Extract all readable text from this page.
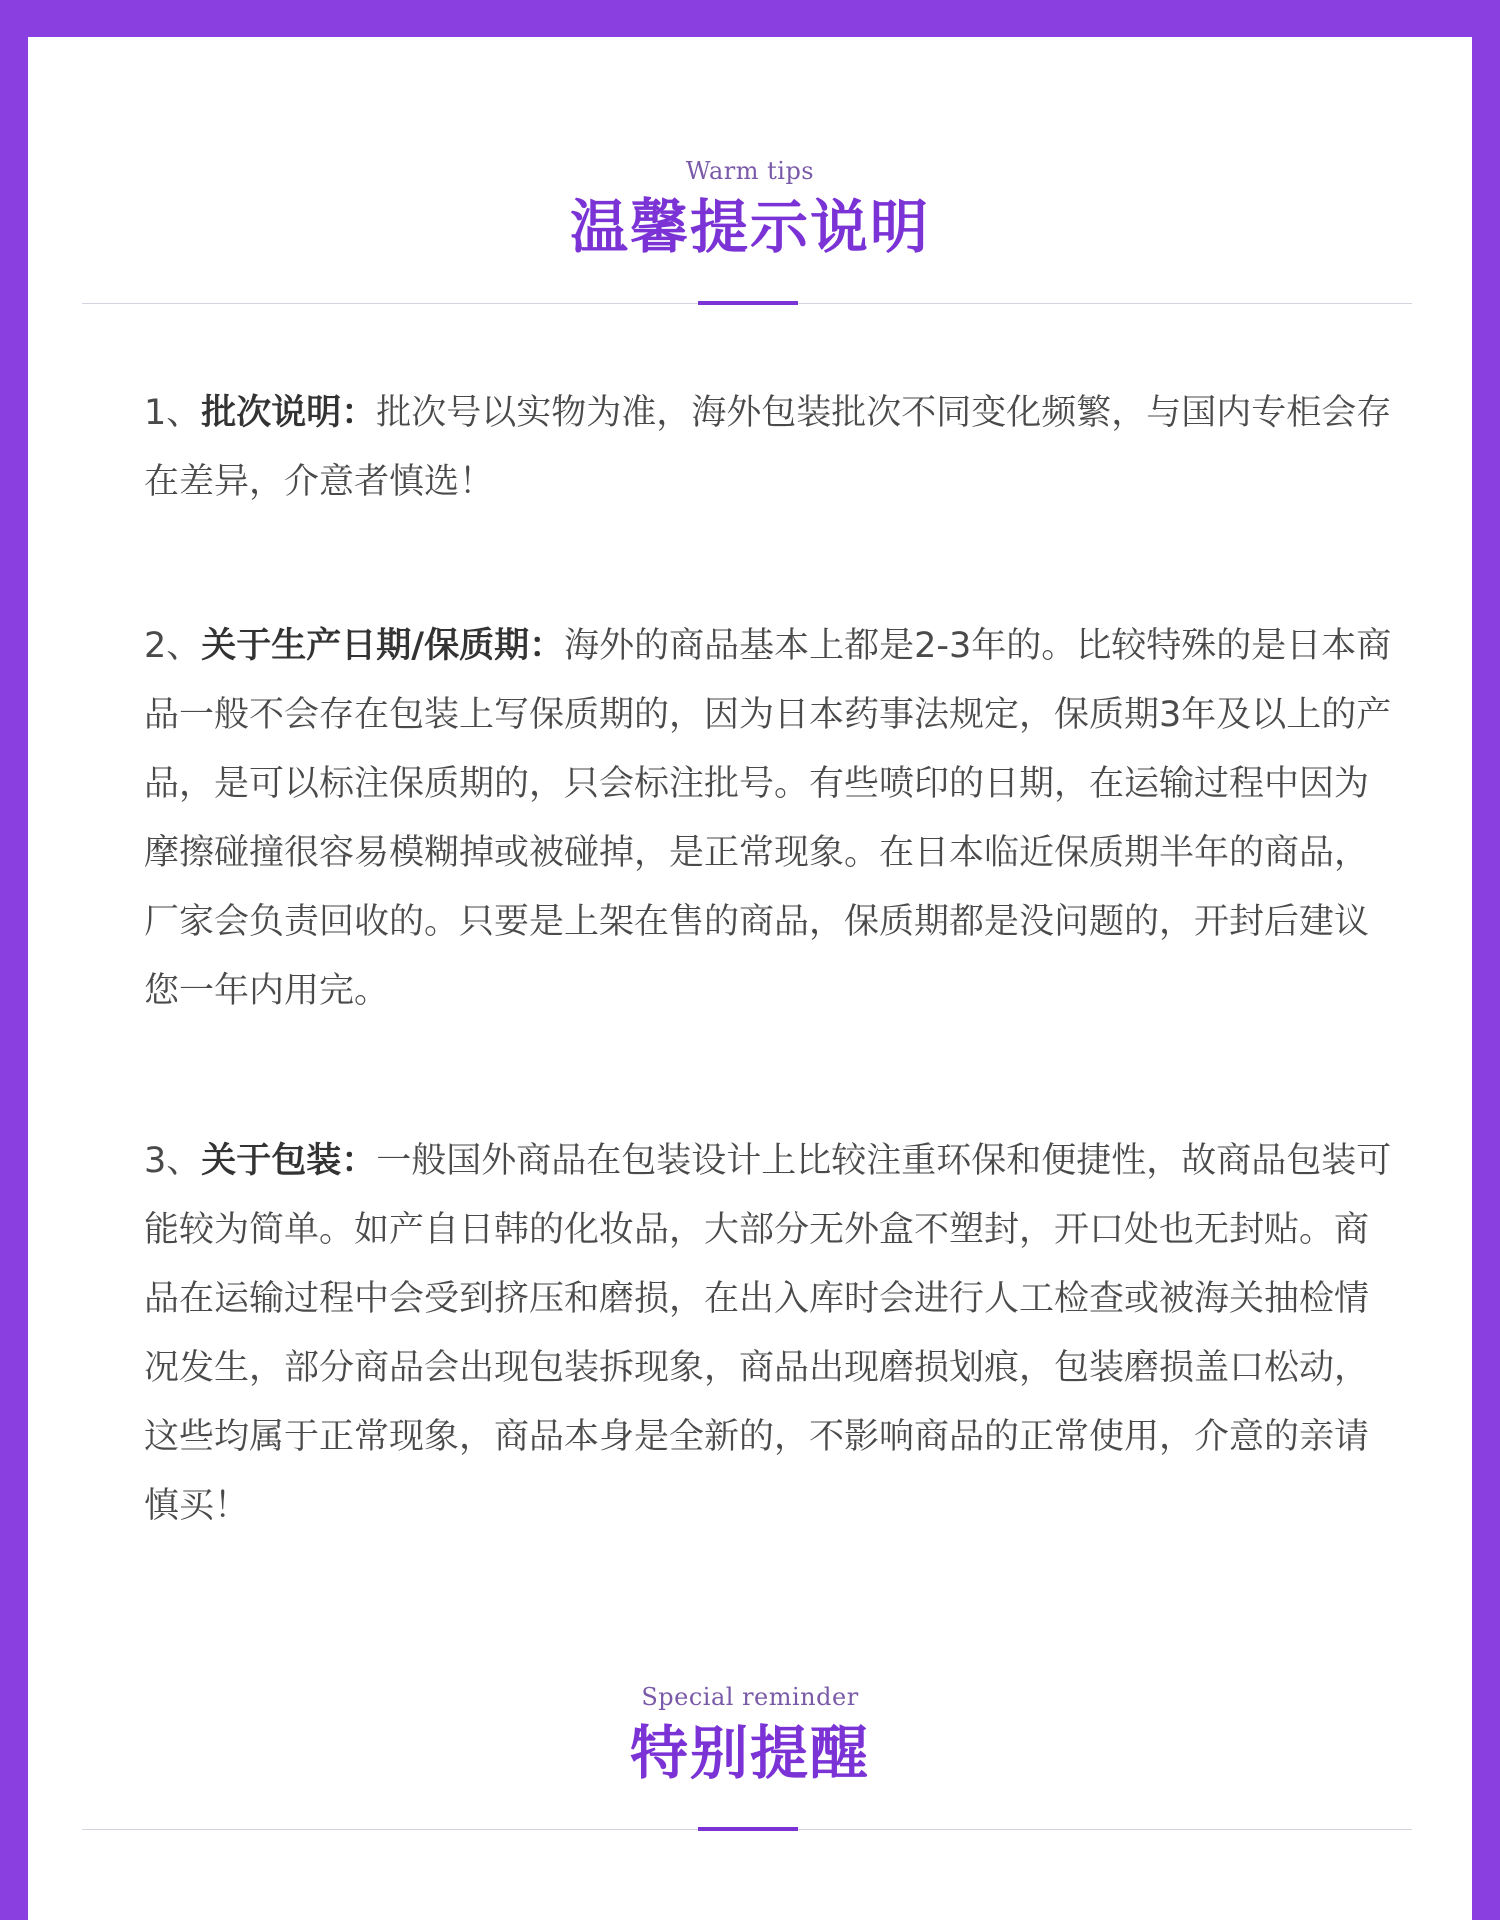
Warm tips
温馨提示说明
1、批次说明：批次号以实物为准，海外包装批次不同变化频繁，与国内专柜会存在差异，介意者慎选！
2、关于生产日期/保质期：海外的商品基本上都是2-3年的。比较特殊的是日本商品一般不会存在包装上写保质期的，因为日本药事法规定，保质期3年及以上的产品，是可以标注保质期的，只会标注批号。有些喷印的日期，在运输过程中因为摩擦碰撞很容易模糊掉或被碰掉，是正常现象。在日本临近保质期半年的商品，厂家会负责回收的。只要是上架在售的商品，保质期都是没问题的，开封后建议您一年内用完。
3、关于包装：一般国外商品在包装设计上比较注重环保和便捷性，故商品包装可能较为简单。如产自日韩的化妆品，大部分无外盒不塑封，开口处也无封贴。商品在运输过程中会受到挤压和磨损，在出入库时会进行人工检查或被海关抽检情况发生，部分商品会出现包装拆现象，商品出现磨损划痕，包装磨损盖口松动，这些均属于正常现象，商品本身是全新的，不影响商品的正常使用，介意的亲请慎买！
Special reminder
特别提醒
